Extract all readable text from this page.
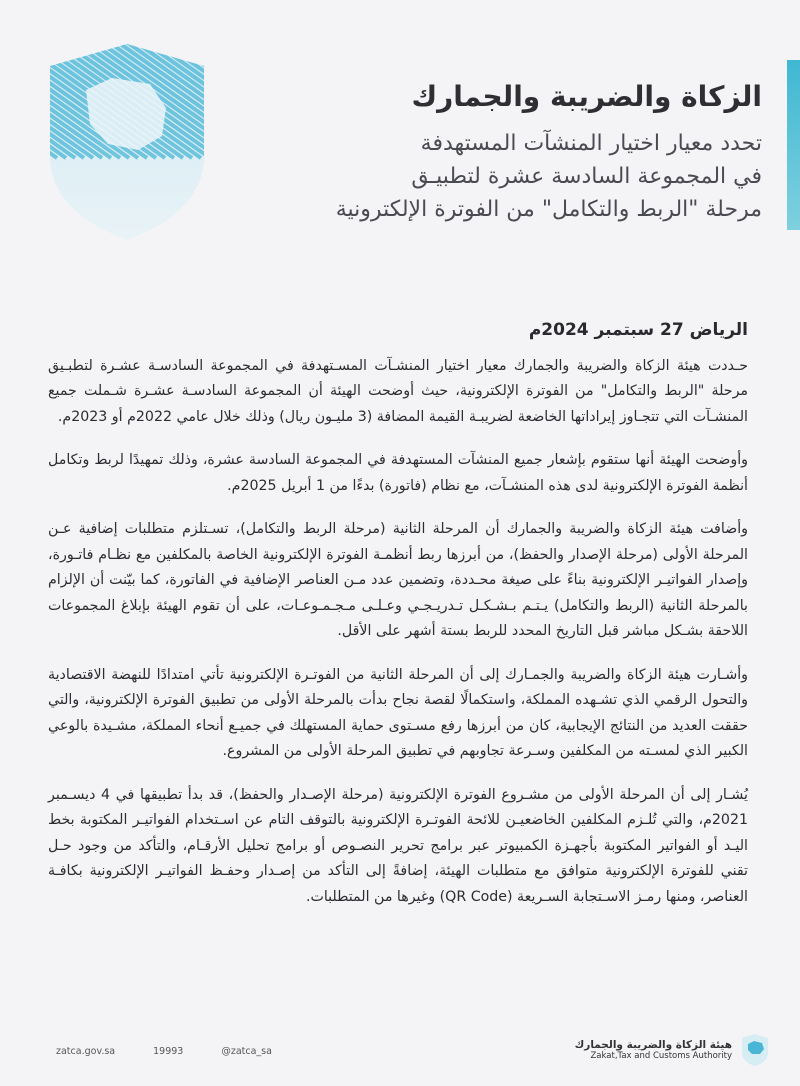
الزكاة والضريبة والجمارك

تحدد معيار اختيار المنشآت المستهدفة
في المجموعة السادسة عشرة لتطبيـق
مرحلة "الربط والتكامل" من الفوترة الإلكترونية

الرياض 27 سبتمبر 2024م

حـددت هيئة الزكاة والضريبة والجمارك معيار اختيار المنشـآت المسـتهدفة في المجموعة السادسـة عشـرة لتطبـيق مرحلة "الربط والتكامل" من الفوترة الإلكترونية، حيث أوضحت الهيئة أن المجموعة السادسـة عشـرة شـملت جميع المنشـآت التي تتجـاوز إيراداتها الخاضعة لضريبـة القيمة المضافة (3 مليـون ريال) وذلك خلال عامي 2022م أو 2023م.

وأوضحت الهيئة أنها ستقوم بإشعار جميع المنشآت المستهدفة في المجموعة السادسة عشرة، وذلك تمهيدًا لربط وتكامل أنظمة الفوترة الإلكترونية لدى هذه المنشـآت، مع نظام (فاتورة) بدءًا من 1 أبريل 2025م.

وأضافت هيئة الزكاة والضريبة والجمارك أن المرحلة الثانية (مرحلة الربط والتكامل)، تسـتلزم متطلبات إضافية عـن المرحلة الأولى (مرحلة الإصدار والحفظ)، من أبرزها ربط أنظمـة الفوترة الإلكترونية الخاصة بالمكلفين مع نظـام فاتـورة، وإصدار الفواتيـر الإلكترونية بناءً على صيغة محـددة، وتضمين عدد مـن العناصر الإضافية في الفاتورة، كما بيّنت أن الإلزام بالمرحلة الثانية (الربط والتكامل) يـتـم بـشـكـل تـدريـجـي وعـلـى مـجـمـوعـات، على أن تقوم الهيئة بإبلاغ المجموعات اللاحقة بشـكل مباشر قبل التاريخ المحدد للربط بستة أشهر على الأقل.

وأشـارت هيئة الزكاة والضريبة والجمـارك إلى أن المرحلة الثانية من الفوتـرة الإلكترونية تأتي امتدادًا للنهضة الاقتصادية والتحول الرقمي الذي تشـهده المملكة، واستكمالًا لقصة نجاح بدأت بالمرحلة الأولى من تطبيق الفوترة الإلكترونية، والتي حققت العديد من النتائج الإيجابية، كان من أبرزها رفع مسـتوى حماية المستهلك في جميـع أنحاء المملكة، مشـيدة بالوعي الكبير الذي لمسـته من المكلفين وسـرعة تجاوبهم في تطبيق المرحلة الأولى من المشروع.

يُشـار إلى أن المرحلة الأولى من مشـروع الفوترة الإلكترونية (مرحلة الإصـدار والحفظ)، قد بدأ تطبيقها في 4 ديسـمبر 2021م، والتي تُلـزم المكلفين الخاضعيـن للائحة الفوتـرة الإلكترونية بالتوقف التام عن اسـتخدام الفواتيـر المكتوبة بخط اليـد أو الفواتير المكتوبة بأجهـزة الكمبيوتر عبر برامج تحرير النصـوص أو برامج تحليل الأرقـام، والتأكد من وجود حـل تقني للفوترة الإلكترونية متوافق مع متطلبات الهيئة، إضافةً إلى التأكد من إصـدار وحفـظ الفواتيـر الإلكترونية بكافـة العناصر، ومنها رمـز الاسـتجابة السـريعة (QR Code) وغيرها من المتطلبات.

zatca.gov.sa	19993	@zatca_sa
هيئة الزكاة والضريبة والجمارك
Zakat,Tax and Customs Authority
